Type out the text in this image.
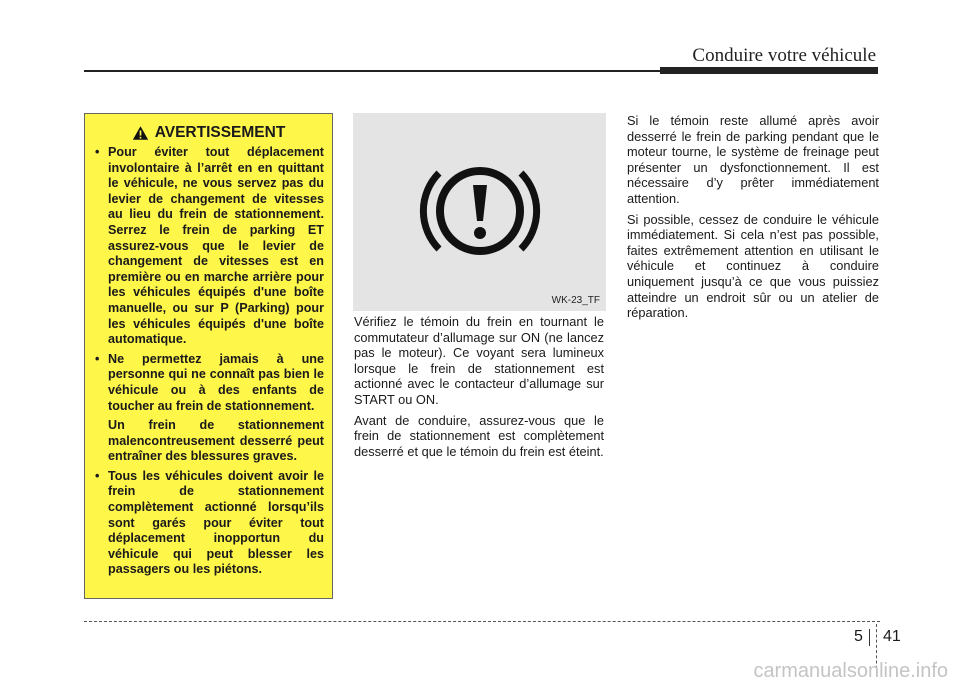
Conduire votre véhicule
AVERTISSEMENT
• Pour éviter tout déplacement involontaire à l’arrêt en en quittant le véhicule, ne vous servez pas du levier de changement de vitesses au lieu du frein de stationnement. Serrez le frein de parking ET assurez-vous que le levier de changement de vitesses est en première ou en marche arrière pour les véhicules équipés d'une boîte manuelle, ou sur P (Parking) pour les véhicules équipés d'une boîte automatique.
• Ne permettez jamais à une personne qui ne connaît pas bien le véhicule ou à des enfants de toucher au frein de stationnement.
Un frein de stationnement malencontreusement desserré peut entraîner des blessures graves.
• Tous les véhicules doivent avoir le frein de stationnement complètement actionné lorsqu’ils sont garés pour éviter tout déplacement inopportun du véhicule qui peut blesser les passagers ou les piétons.
WK-23_TF

Vérifiez le témoin du frein en tournant le commutateur d’allumage sur ON (ne lancez pas le moteur). Ce voyant sera lumineux lorsque le frein de stationnement est actionné avec le contacteur d’allumage sur START ou ON.

Avant de conduire, assurez-vous que le frein de stationnement est complètement desserré et que le témoin du frein est éteint.

Si le témoin reste allumé après avoir desserré le frein de parking pendant que le moteur tourne, le système de freinage peut présenter un dysfonctionnement. Il est nécessaire d’y prêter immédiatement attention.

Si possible, cessez de conduire le véhicule immédiatement. Si cela n’est pas possible, faites extrêmement attention en utilisant le véhicule et continuez à conduire uniquement jusqu’à ce que vous puissiez atteindre un endroit sûr ou un atelier de réparation.

5 41
carmanualsonline.info
